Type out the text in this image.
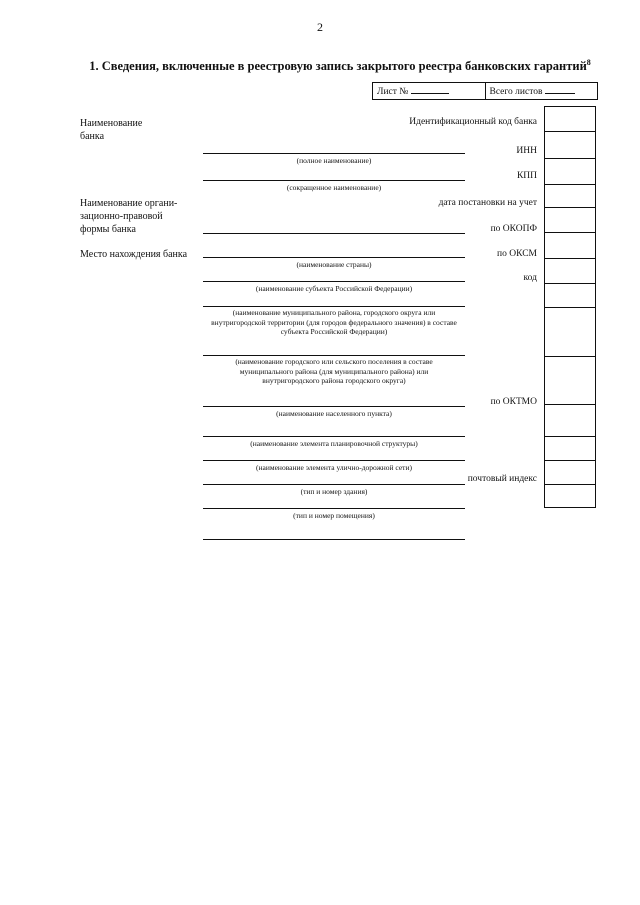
2
1. Сведения, включенные в реестровую запись закрытого реестра банковских гарантий$^8$
Лист №	Всего листов
Наименование банка
Наименование органи-зационно-правовой формы банка
Место нахождения банка
Идентификационный код банка
ИНН
КПП
дата постановки на учет
по ОКОПФ
по ОКСМ
код
по ОКТМО
почтовый индекс
(полное наименование)
(сокращенное наименование)
(наименование страны)
(наименование субъекта Российской Федерации)
(наименование муниципального района, городского округа или внутригородской территории (для городов федерального значения) в составе субъекта Российской Федерации)
(наименование городского или сельского поселения в составе муниципального района (для муниципального района) или внутригородского района городского округа)
(наименование населенного пункта)
(наименование элемента планировочной структуры)
(наименование элемента улично-дорожной сети)
(тип и номер здания)
(тип и номер помещения)
